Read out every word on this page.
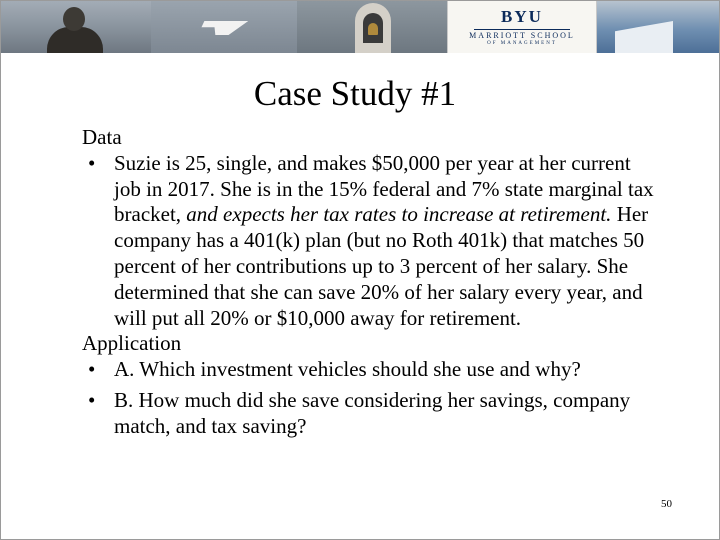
BYU
MARRIOTT SCHOOL
OF MANAGEMENT
Case Study #1
Data

• Suzie is 25, single, and makes $50,000 per year at her current job in 2017. She is in the 15% federal and 7% state marginal tax bracket, and expects her tax rates to increase at retirement. Her company has a 401(k) plan (but no Roth 401k) that matches 50 percent of her contributions up to 3 percent of her salary. She determined that she can save 20% of her salary every year, and will put all 20% or $10,000 away for retirement.

Application

• A. Which investment vehicles should she use and why?

• B. How much did she save considering her savings, company match, and tax saving?

50
